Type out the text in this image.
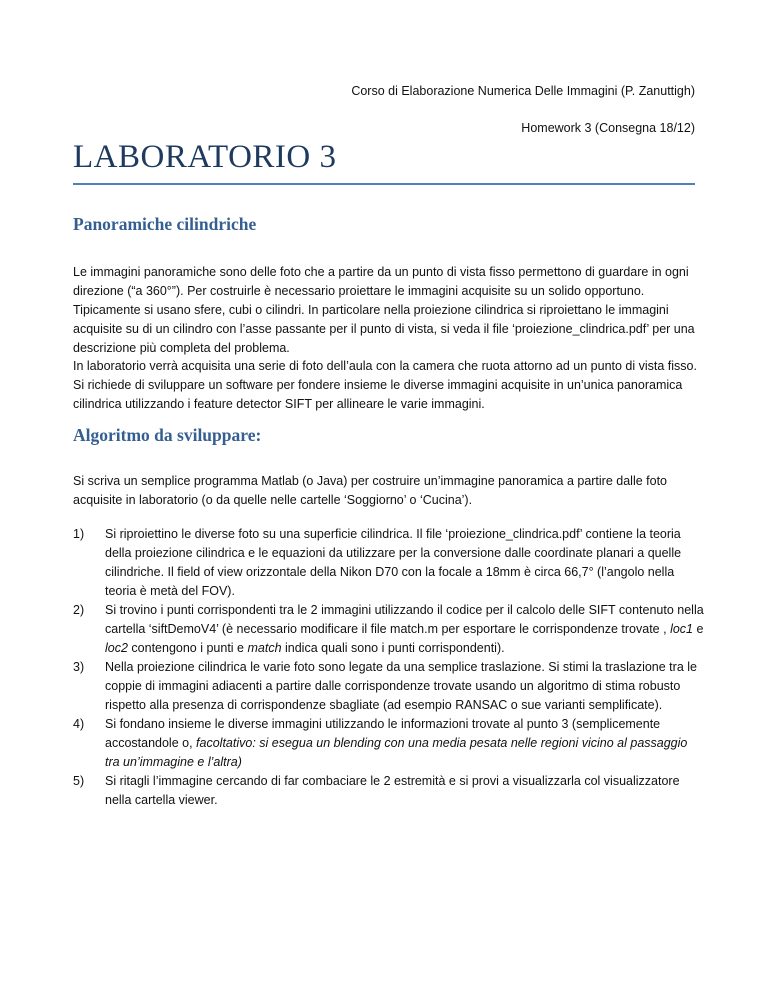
Corso di Elaborazione Numerica Delle Immagini (P. Zanuttigh)
Homework 3 (Consegna 18/12)
LABORATORIO 3
Panoramiche cilindriche
Le immagini panoramiche sono delle foto che a partire da un punto di vista fisso permettono di guardare in ogni direzione (“a 360°”). Per costruirle è necessario proiettare le immagini acquisite su un solido opportuno. Tipicamente si usano sfere, cubi o cilindri. In particolare nella proiezione cilindrica si riproiettano le immagini acquisite su di un cilindro con l’asse passante per il punto di vista, si veda il file ‘proiezione_clindrica.pdf’ per una descrizione più completa del problema.
In laboratorio verrà acquisita una serie di foto dell’aula con la camera che ruota attorno ad un punto di vista fisso. Si richiede di sviluppare un software per fondere insieme le diverse immagini acquisite in un’unica panoramica cilindrica utilizzando i feature detector SIFT per allineare le varie immagini.
Algoritmo da sviluppare:
Si scriva un semplice programma Matlab (o Java) per costruire un’immagine panoramica a partire dalle foto acquisite in laboratorio (o da quelle nelle cartelle ‘Soggiorno’ o ‘Cucina’).
1) Si riproiettino le diverse foto su una superficie cilindrica. Il file ‘proiezione_clindrica.pdf’ contiene la teoria della proiezione cilindrica e le equazioni da utilizzare per la conversione dalle coordinate planari a quelle cilindriche. Il field of view orizzontale della Nikon D70 con la focale a 18mm è circa 66,7° (l’angolo nella teoria è metà del FOV).
2) Si trovino i punti corrispondenti tra le 2 immagini utilizzando il codice per il calcolo delle SIFT contenuto nella cartella ‘siftDemoV4’ (è necessario modificare il file match.m per esportare le corrispondenze trovate , loc1 e loc2 contengono i punti e match indica quali sono i punti corrispondenti).
3) Nella proiezione cilindrica le varie foto sono legate da una semplice traslazione. Si stimi la traslazione tra le coppie di immagini adiacenti a partire dalle corrispondenze trovate usando un algoritmo di stima robusto rispetto alla presenza di corrispondenze sbagliate (ad esempio RANSAC o sue varianti semplificate).
4) Si fondano insieme le diverse immagini utilizzando le informazioni trovate al punto 3 (semplicemente accostandole o, facoltativo: si esegua un blending con una media pesata nelle regioni vicino al passaggio tra un’immagine e l’altra)
5) Si ritagli l’immagine cercando di far combaciare le 2 estremità e si provi a visualizzarla col visualizzatore nella cartella viewer.
